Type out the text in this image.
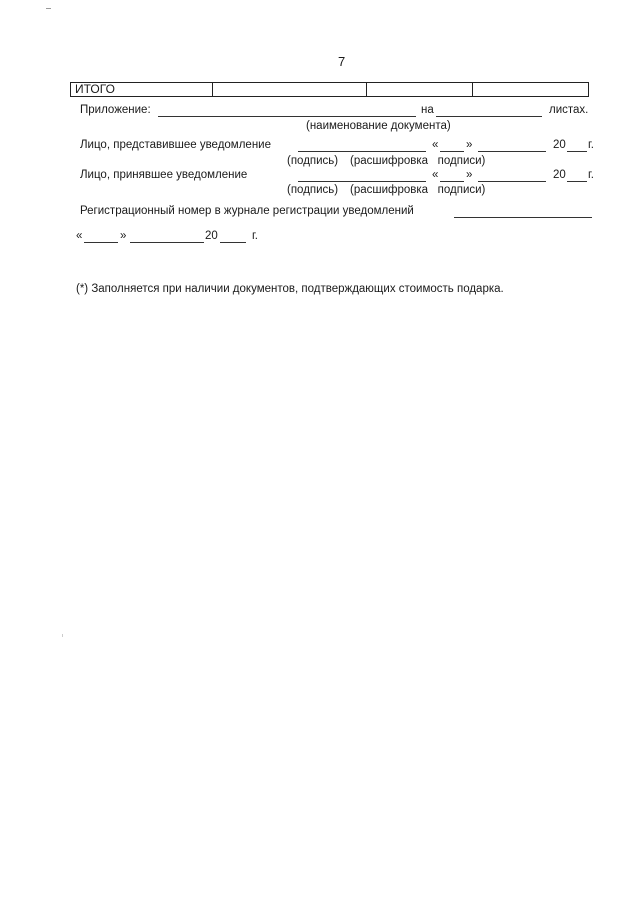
7
ИТОГО			
Приложение:	на	листах.
(наименование документа)
Лицо, представившее уведомление	« »	20 г.
(подпись) (расшифровка   подписи)
Лицо, принявшее уведомление	« »	20 г.
(подпись) (расшифровка   подписи)
Регистрационный номер в журнале регистрации уведомлений
«	»	20	г.
(*) Заполняется при наличии документов, подтверждающих стоимость подарка.
